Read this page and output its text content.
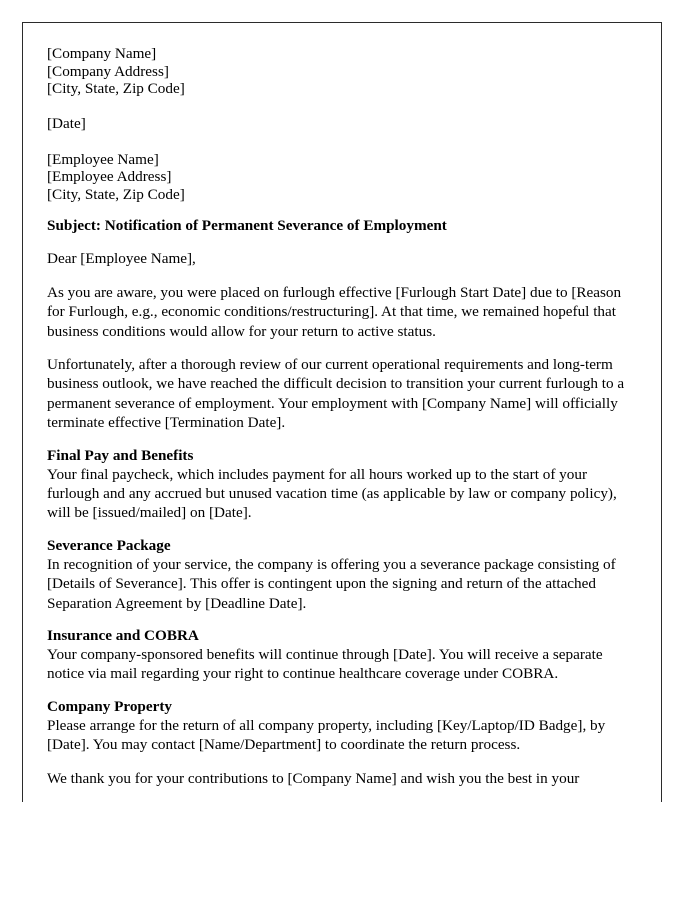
[Company Name]
[Company Address]
[City, State, Zip Code]
[Date]
[Employee Name]
[Employee Address]
[City, State, Zip Code]
Subject: Notification of Permanent Severance of Employment
Dear [Employee Name],
As you are aware, you were placed on furlough effective [Furlough Start Date] due to [Reason for Furlough, e.g., economic conditions/restructuring]. At that time, we remained hopeful that business conditions would allow for your return to active status.
Unfortunately, after a thorough review of our current operational requirements and long-term business outlook, we have reached the difficult decision to transition your current furlough to a permanent severance of employment. Your employment with [Company Name] will officially terminate effective [Termination Date].
Final Pay and Benefits
Your final paycheck, which includes payment for all hours worked up to the start of your furlough and any accrued but unused vacation time (as applicable by law or company policy), will be [issued/mailed] on [Date].
Severance Package
In recognition of your service, the company is offering you a severance package consisting of [Details of Severance]. This offer is contingent upon the signing and return of the attached Separation Agreement by [Deadline Date].
Insurance and COBRA
Your company-sponsored benefits will continue through [Date]. You will receive a separate notice via mail regarding your right to continue healthcare coverage under COBRA.
Company Property
Please arrange for the return of all company property, including [Key/Laptop/ID Badge], by [Date]. You may contact [Name/Department] to coordinate the return process.
We thank you for your contributions to [Company Name] and wish you the best in your
